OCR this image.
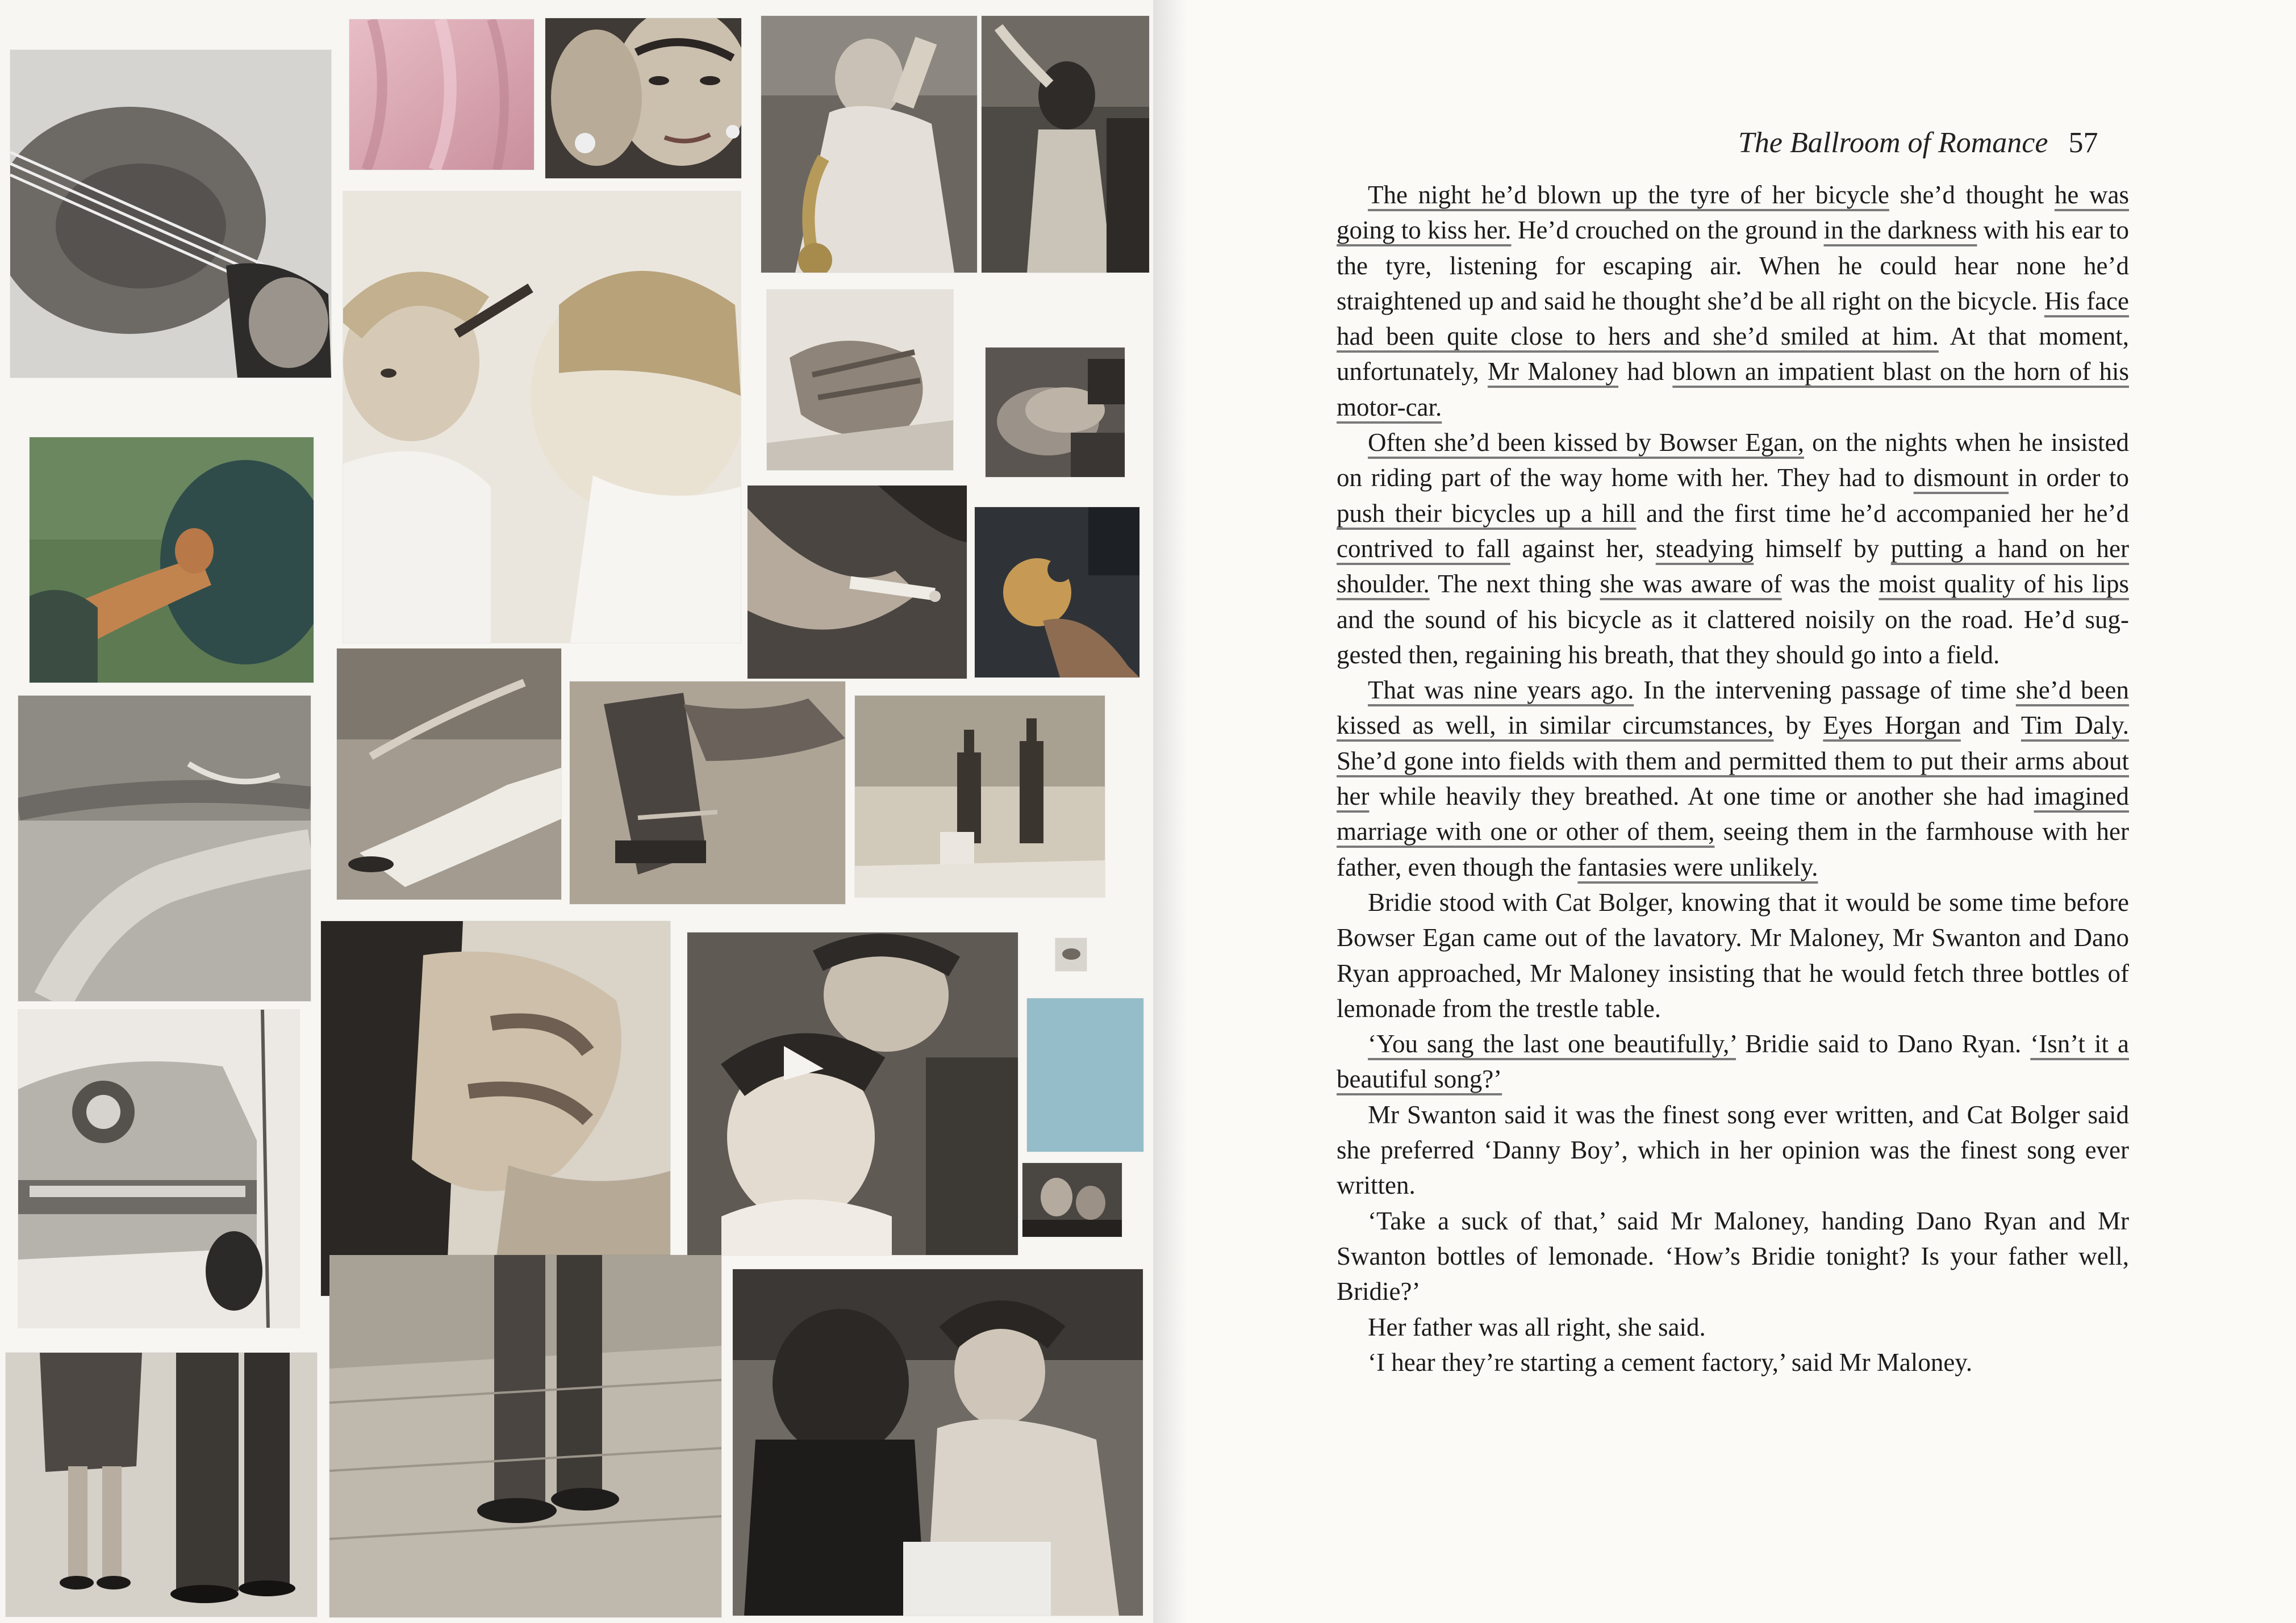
The Ballroom of Romance 57

The night he’d blown up the tyre of her bicycle she’d thought he was going to kiss her. He’d crouched on the ground in the darkness with his ear to the tyre, listening for escaping air. When he could hear none he’d straightened up and said he thought she’d be all right on the bicycle. His face had been quite close to hers and she’d smiled at him. At that moment, unfortunately, Mr Maloney had blown an impatient blast on the horn of his motor-car.

Often she’d been kissed by Bowser Egan, on the nights when he insisted on riding part of the way home with her. They had to dismount in order to push their bicycles up a hill and the first time he’d accompanied her he’d contrived to fall against her, steadying himself by putting a hand on her shoulder. The next thing she was aware of was the moist quality of his lips and the sound of his bicycle as it clattered noisily on the road. He’d suggested then, regaining his breath, that they should go into a field.

That was nine years ago. In the intervening passage of time she’d been kissed as well, in similar circumstances, by Eyes Horgan and Tim Daly. She’d gone into fields with them and permitted them to put their arms about her while heavily they breathed. At one time or another she had imagined marriage with one or other of them, seeing them in the farmhouse with her father, even though the fantasies were unlikely.

Bridie stood with Cat Bolger, knowing that it would be some time before Bowser Egan came out of the lavatory. Mr Maloney, Mr Swanton and Dano Ryan approached, Mr Maloney insisting that he would fetch three bottles of lemonade from the trestle table.

‘You sang the last one beautifully,’ Bridie said to Dano Ryan. ‘Isn’t it a beautiful song?’

Mr Swanton said it was the finest song ever written, and Cat Bolger said she preferred ‘Danny Boy’, which in her opinion was the finest song ever written.

‘Take a suck of that,’ said Mr Maloney, handing Dano Ryan and Mr Swanton bottles of lemonade. ‘How’s Bridie tonight? Is your father well, Bridie?’

Her father was all right, she said.

‘I hear they’re starting a cement factory,’ said Mr Maloney.
